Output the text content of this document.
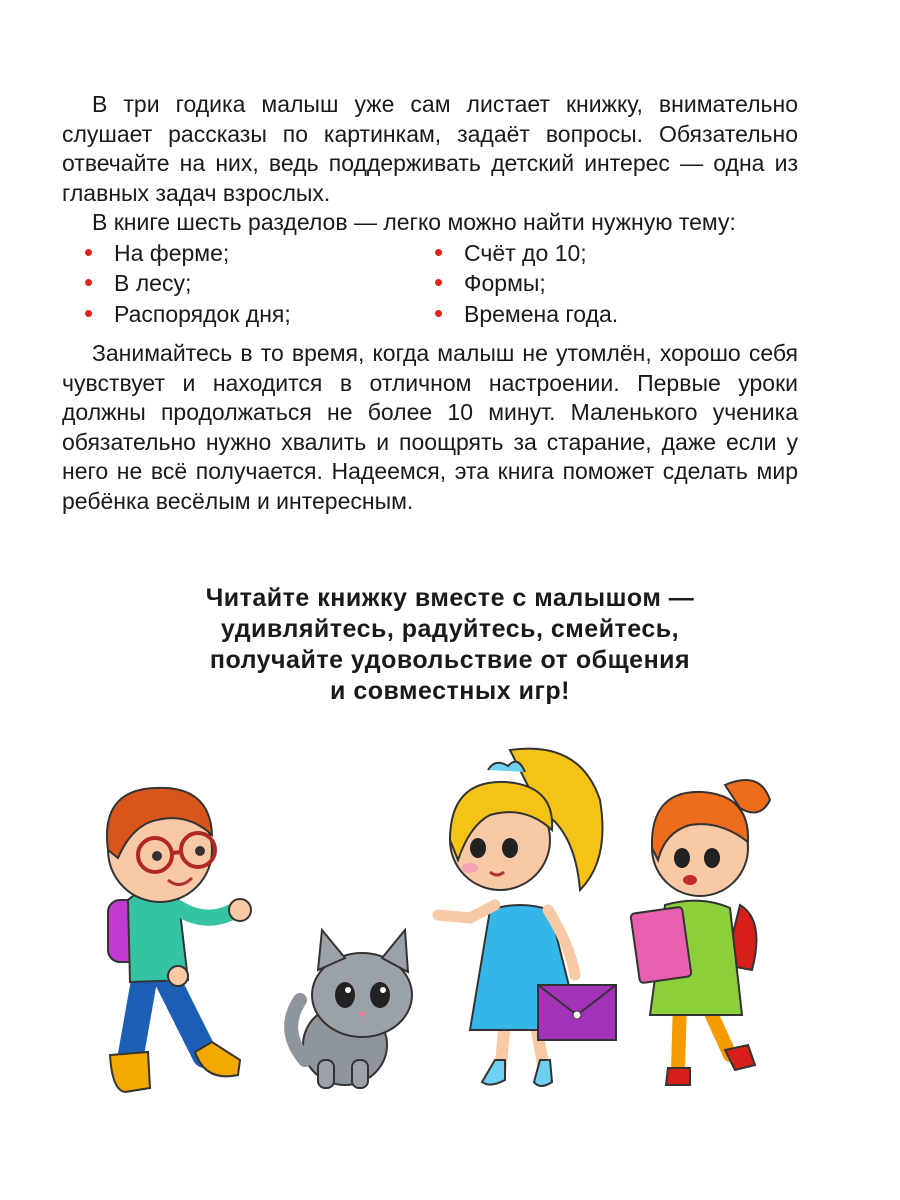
В три годика малыш уже сам листает книжку, внимательно слушает рассказы по картинкам, задаёт вопросы. Обязательно отвечайте на них, ведь поддерживать детский интерес — одна из главных задач взрослых.

В книге шесть разделов — легко можно найти нужную тему:

• На ферме;	• Счёт до 10;
• В лесу;	• Формы;
• Распорядок дня;	• Времена года.

Занимайтесь в то время, когда малыш не утомлён, хорошо себя чувствует и находится в отличном настроении. Первые уроки должны продолжаться не более 10 минут. Маленького ученика обязательно нужно хвалить и поощрять за старание, даже если у него не всё получается. Надеемся, эта книга поможет сделать мир ребёнка весёлым и интересным.

Читайте книжку вместе с малышом —
удивляйтесь, радуйтесь, смейтесь,
получайте удовольствие от общения
и совместных игр!
